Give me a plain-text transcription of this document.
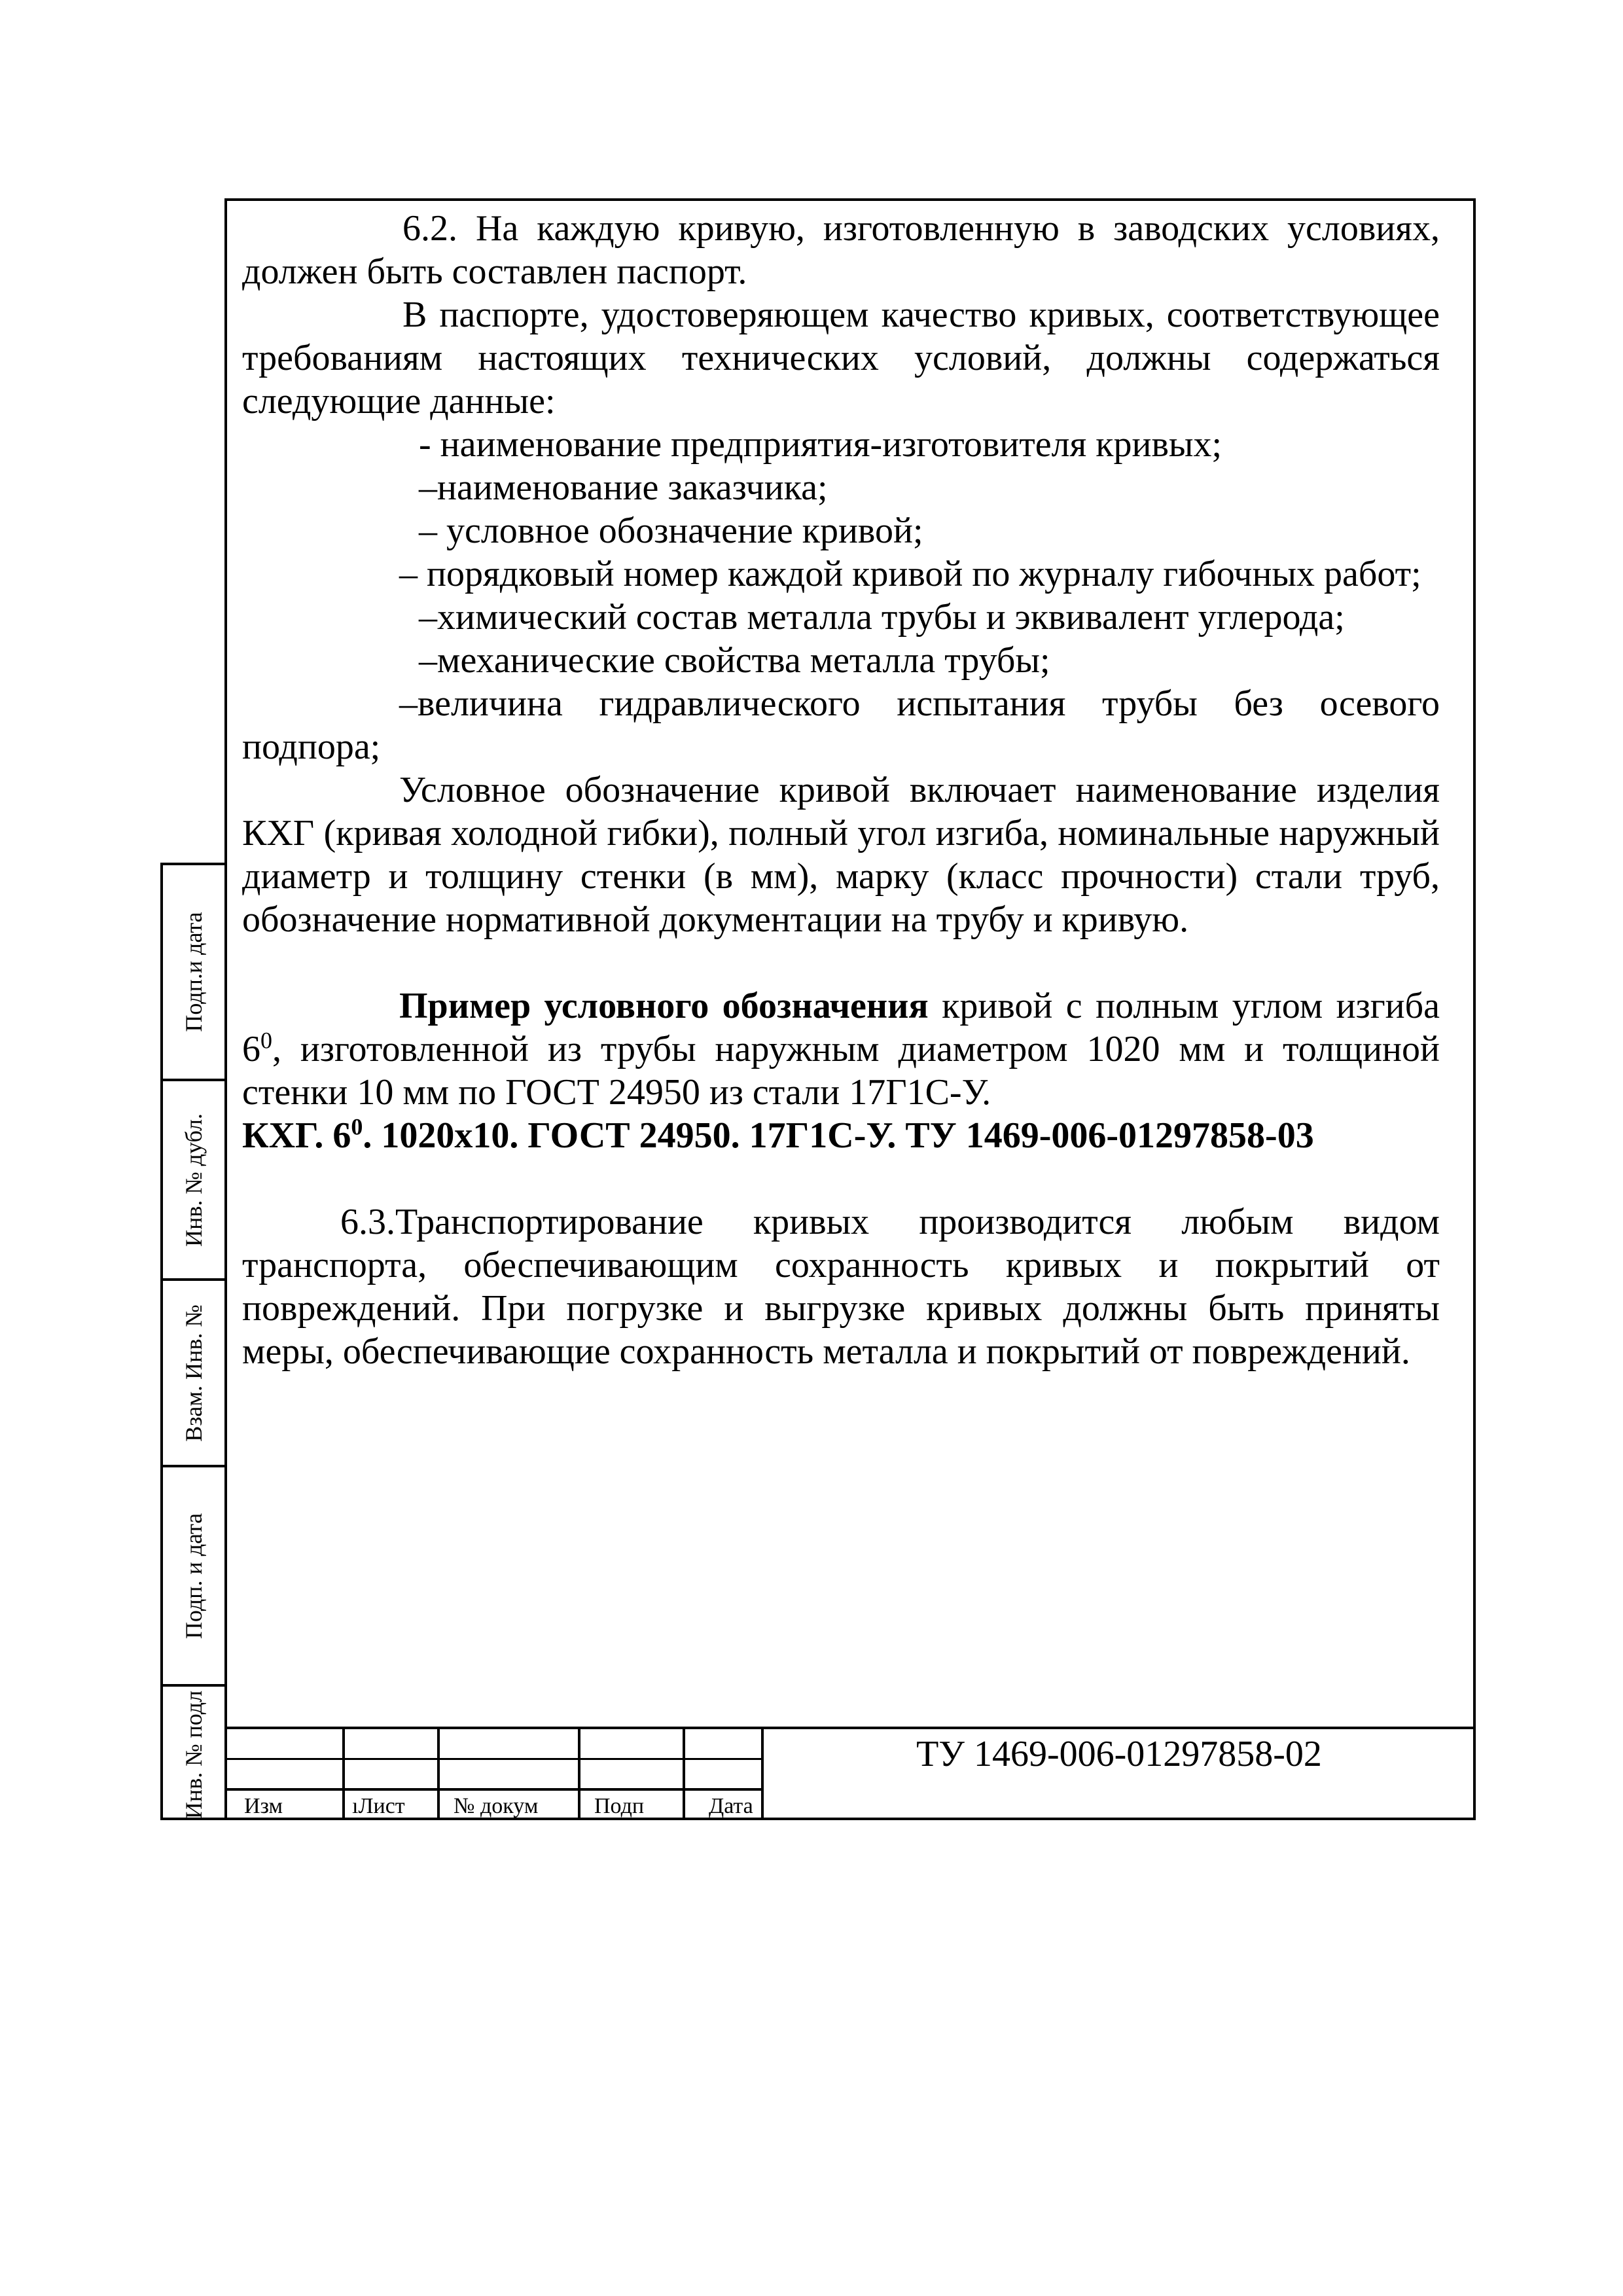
Подп.и дата
Инв. № дубл.
Взам. Инв. №
Подп. и дата
Инв. № подл

6.2. На каждую кривую, изготовленную в заводских условиях, должен быть составлен паспорт.

В паспорте, удостоверяющем качество кривых, соответствующее требованиям настоящих технических условий, должны содержаться следующие данные:

- наименование предприятия-изготовителя кривых;

–наименование заказчика;

– условное обозначение кривой;

– порядковый номер каждой кривой по журналу гибочных работ;

–химический состав металла трубы и эквивалент углерода;

–механические свойства металла трубы;

–величина гидравлического испытания трубы без осевого подпора;

Условное обозначение кривой включает наименование изделия КХГ (кривая холодной гибки), полный угол изгиба, номинальные наружный диаметр и толщину стенки (в мм), марку (класс прочности) стали труб, обозначение нормативной документации на трубу и кривую.

Пример условного обозначения кривой с полным углом изгиба $6^0$, изготовленной из трубы наружным диаметром 1020 мм и толщиной стенки 10 мм по ГОСТ 24950 из стали 17Г1С-У.

КХГ. $6^0$. 1020х10. ГОСТ 24950. 17Г1С-У. ТУ 1469-006-01297858-03

6.3.Транспортирование кривых производится любым видом транспорта, обеспечивающим сохранность кривых и покрытий от повреждений. При погрузке и выгрузке кривых должны быть приняты меры, обеспечивающие сохранность металла и покрытий от повреждений.

Изм	ıЛист № докум	Подп	Дата
ТУ 1469-006-01297858-02
